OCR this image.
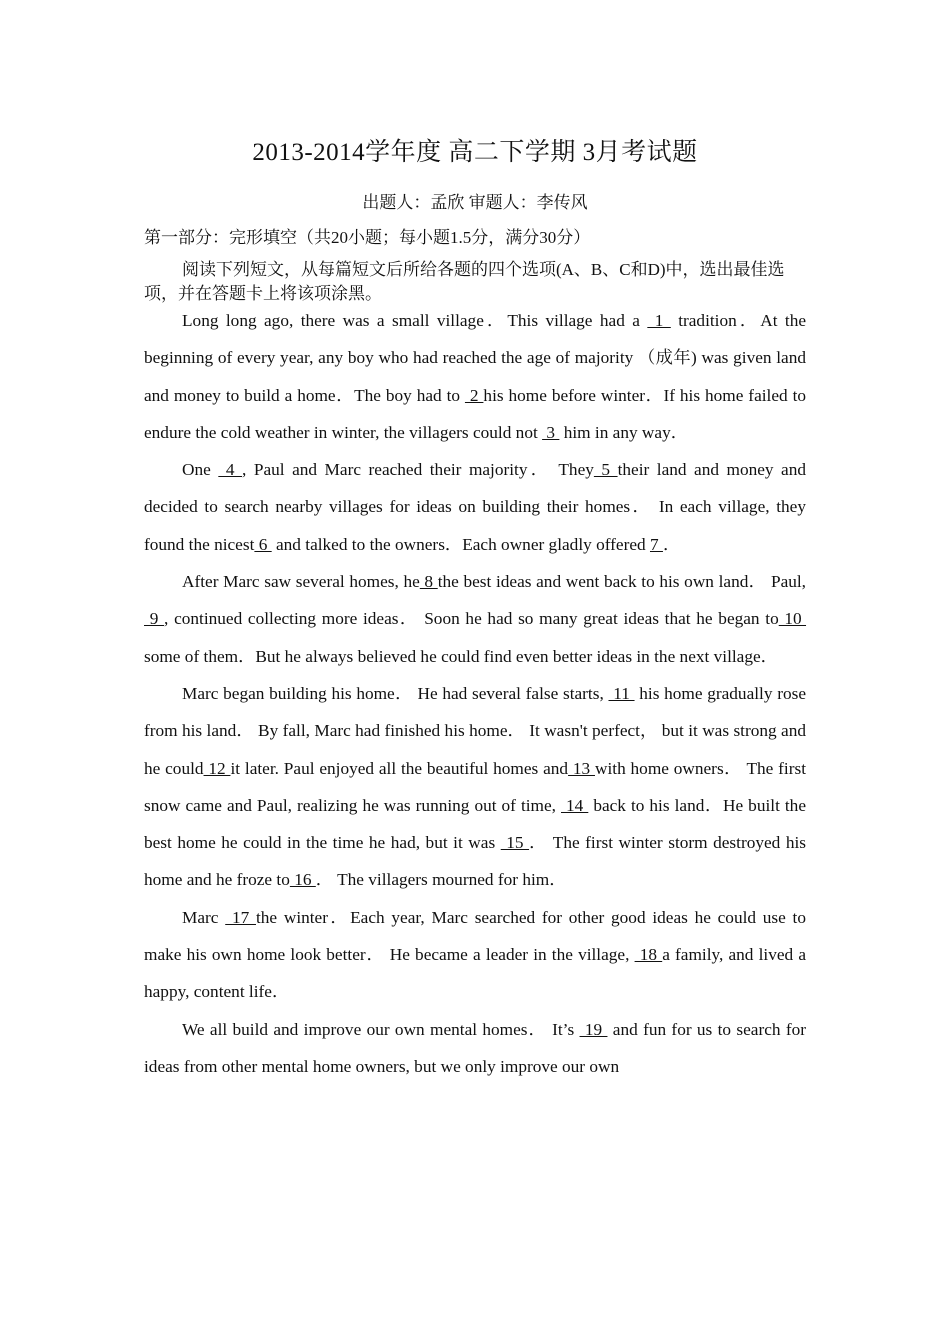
2013-2014学年度 高二下学期 3月考试题
出题人：孟欣 审题人：李传风
第一部分：完形填空（共20小题；每小题1.5分，满分30分）

阅读下列短文，从每篇短文后所给各题的四个选项(A、B、C和D)中，选出最佳选项，并在答题卡上将该项涂黑。

Long long ago, there was a small village．This village had a  1  tradition．At the beginning of every year, any boy who had reached the age of majority （成年) was given land and money to build a home．The boy had to  2 his home before winter．If his home failed to endure the cold weather in winter, the villagers could not  3  him in any way．

One  4 , Paul and Marc reached their majority． They 5 their land and money and decided to search nearby villages for ideas on building their homes． In each village, they found the nicest 6  and talked to the owners．Each owner gladly offered 7 ．

After Marc saw several homes, he 8 the best ideas and went back to his own land． Paul,  9 , continued collecting more ideas． Soon he had so many great ideas that he began to 10  some of them．But he always believed he could find even better ideas in the next village．

Marc began building his home． He had several false starts,  11  his home gradually rose from his land． By fall, Marc had finished his home． It wasn't perfect， but it was strong and he could 12 it later. Paul enjoyed all the beautiful homes and 13 with home owners． The first snow came and Paul, realizing he was running out of time,  14  back to his land．He built the best home he could in the time he had, but it was  15 ． The first winter storm destroyed his home and he froze to 16 ． The villagers mourned for him．

Marc  17 the winter．Each year, Marc searched for other good ideas he could use to make his own home look better． He became a leader in the village,  18 a family, and lived a happy, content life．

We all build and improve our own mental homes． It’s  19  and fun for us to search for ideas from other mental home owners, but we only improve our own
